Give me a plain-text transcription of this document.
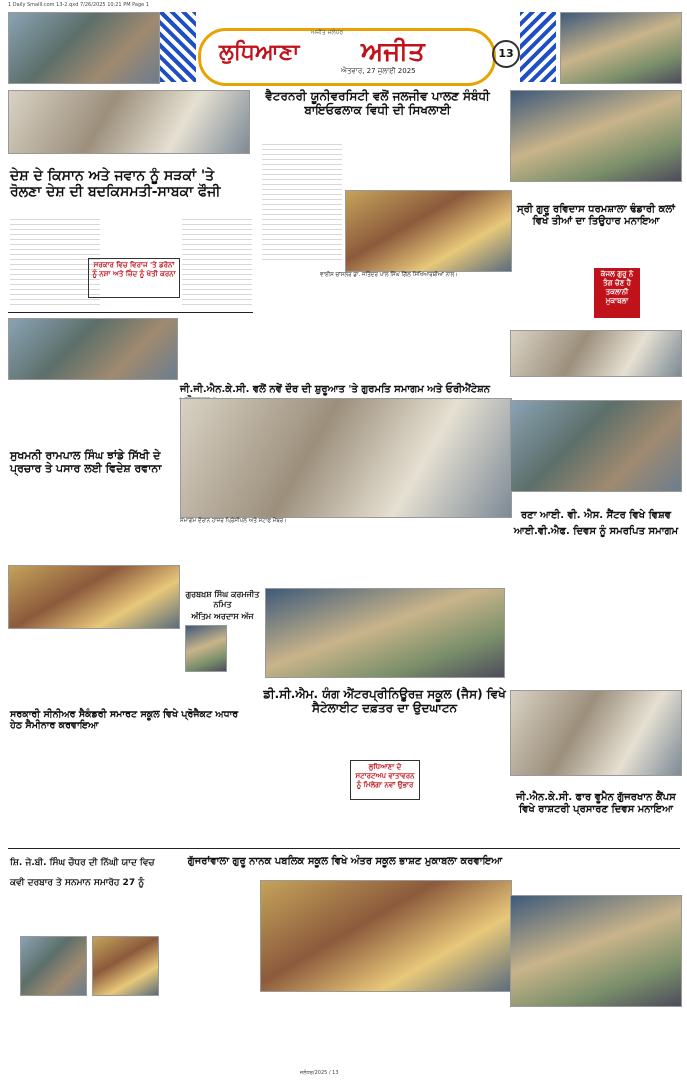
1 Daily Smalll.com 13-2.qxd 7/26/2025 10:21 PM Page 1
ਅਜੀਤ ਜਲੰਧਰ
ਲੁਧਿਆਣਾ ਅਜੀਤ
ਐਤਵਾਰ, 27 ਜੁਲਾਈ 2025
13
ਵੈਟਰਨਰੀ ਯੂਨੀਵਰਸਿਟੀ ਵਲੋਂ ਜਲਜੀਵ ਪਾਲਣ ਸੰਬੰਧੀ ਬਾਇਓਫਲਾਕ ਵਿਧੀ ਦੀ ਸਿਖਲਾਈ
ਦੇਸ਼ ਦੇ ਕਿਸਾਨ ਅਤੇ ਜਵਾਨ ਨੂੰ ਸੜਕਾਂ 'ਤੇ ਰੋਲਣਾ ਦੇਸ਼ ਦੀ ਬਦਕਿਸਮਤੀ-ਸਾਬਕਾ ਫੌਜੀ
ਸਰਕਾਰ ਵਿਚ ਵਿਰਾਜ 'ਤੇ ਡਰੋਨਾਂ ਨੂੰ ਨਸ਼ਾ ਅਤੇ ਜ਼ਿੰਦ ਨੂੰ ਖੇਤੀ ਕਰਨਾ	ਵਾਈਸ ਚਾਂਸਲਰ ਡਾ. ਜਤਿੰਦਰ ਪਾਲ ਸਿੰਘ ਗਿੱਲ ਸਿਖਿਆਰਥੀਆਂ ਨਾਲ।
ਸ੍ਰੀ ਗੁਰੂ ਰਵਿਦਾਸ ਧਰਮਸ਼ਾਲਾ ਢੰਡਾਰੀ ਕਲਾਂ ਵਿਖੇ ਤੀਆਂ ਦਾ ਤਿਉਹਾਰ ਮਨਾਇਆ
ਕੱਜਲ ਗੁਰੂ ਨੇ ਤੰਗ ਚੋਣ ਹੈ ਤਕਲਾਨੀ ਮੁਕਾਬਲਾ
ਜੀ.ਜੀ.ਐਨ.ਕੇ.ਸੀ. ਵਲੋਂ ਨਵੇਂ ਦੌਰ ਦੀ ਸ਼ੁਰੂਆਤ 'ਤੇ ਗੁਰਮਤਿ ਸਮਾਗਮ ਅਤੇ ਓਰੀਐਂਟੇਸ਼ਨ
ਸਮਾਗਮ ਦੌਰਾਨ ਹਾਜ਼ਰ ਪ੍ਰਿੰਸੀਪਲ ਅਤੇ ਸਟਾਫ ਮੈਂਬਰ।
ਸੁਖਮਨੀ ਰਾਮਪਾਲ ਸਿੰਘ ਝਾਂਡੇ ਸਿੱਖੀ ਦੇ ਪ੍ਰਚਾਰ ਤੇ ਪਸਾਰ ਲਈ ਵਿਦੇਸ਼ ਰਵਾਨਾ
ਰਣਾ ਆਈ. ਵੀ. ਐਸ. ਸੈਂਟਰ ਵਿਖੇ ਵਿਸ਼ਵ
ਆਈ.ਵੀ.ਐਫ. ਦਿਵਸ ਨੂੰ ਸਮਰਪਿਤ ਸਮਾਗਮ
ਗੁਰਬਖ਼ਸ਼ ਸਿੰਘ ਕਰਮਜੀਤ ਨਮਿਤ
ਅੰਤਿਮ ਅਰਦਾਸ ਅੱਜ
ਡੀ.ਸੀ.ਐਮ. ਯੰਗ ਐਂਟਰਪ੍ਰੀਨਿਊਰਜ਼ ਸਕੂਲ (ਜੈਸ) ਵਿਖੇ ਸੈਟੇਲਾਈਟ ਦਫ਼ਤਰ ਦਾ ਉਦਘਾਟਨ
ਲੁਧਿਆਣਾ ਦੇ ਸਟਾਰਟਅਪ ਵਾਤਾਵਰਨ ਨੂੰ ਮਿਲੇਗਾ ਨਵਾਂ ਉਭਾਰ
ਸਰਕਾਰੀ ਸੀਨੀਅਰ ਸੈਕੰਡਰੀ ਸਮਾਰਟ ਸਕੂਲ ਵਿਖੇ ਪ੍ਰੋਜੈਕਟ ਅਧਾਰ ਹੇਠ ਸੈਮੀਨਾਰ ਕਰਵਾਇਆ
ਜੀ.ਐਨ.ਕੇ.ਸੀ. ਫਾਰ ਵੂਮੈਨ ਗੁੱਜਰਖਾਨ ਕੈਂਪਸ ਵਿਖੇ ਰਾਸ਼ਟਰੀ ਪ੍ਰਸਾਰਣ ਦਿਵਸ ਮਨਾਇਆ
ਗੁੱਜਰਾਂਵਾਲਾ ਗੁਰੂ ਨਾਨਕ ਪਬਲਿਕ ਸਕੂਲ ਵਿਖੇ ਅੰਤਰ ਸਕੂਲ ਭਾਸ਼ਣ ਮੁਕਾਬਲਾ ਕਰਵਾਇਆ
ਸ਼ਿ. ਜੇ.ਬੀ. ਸਿੰਘ ਚੌਧਰ ਦੀ ਨਿੱਘੀ ਯਾਦ ਵਿਚ
ਕਵੀ ਦਰਬਾਰ ਤੇ ਸਨਮਾਨ ਸਮਾਰੋਹ 27 ਨੂੰ
ਜਲੰਧਰ/2025 / 13
